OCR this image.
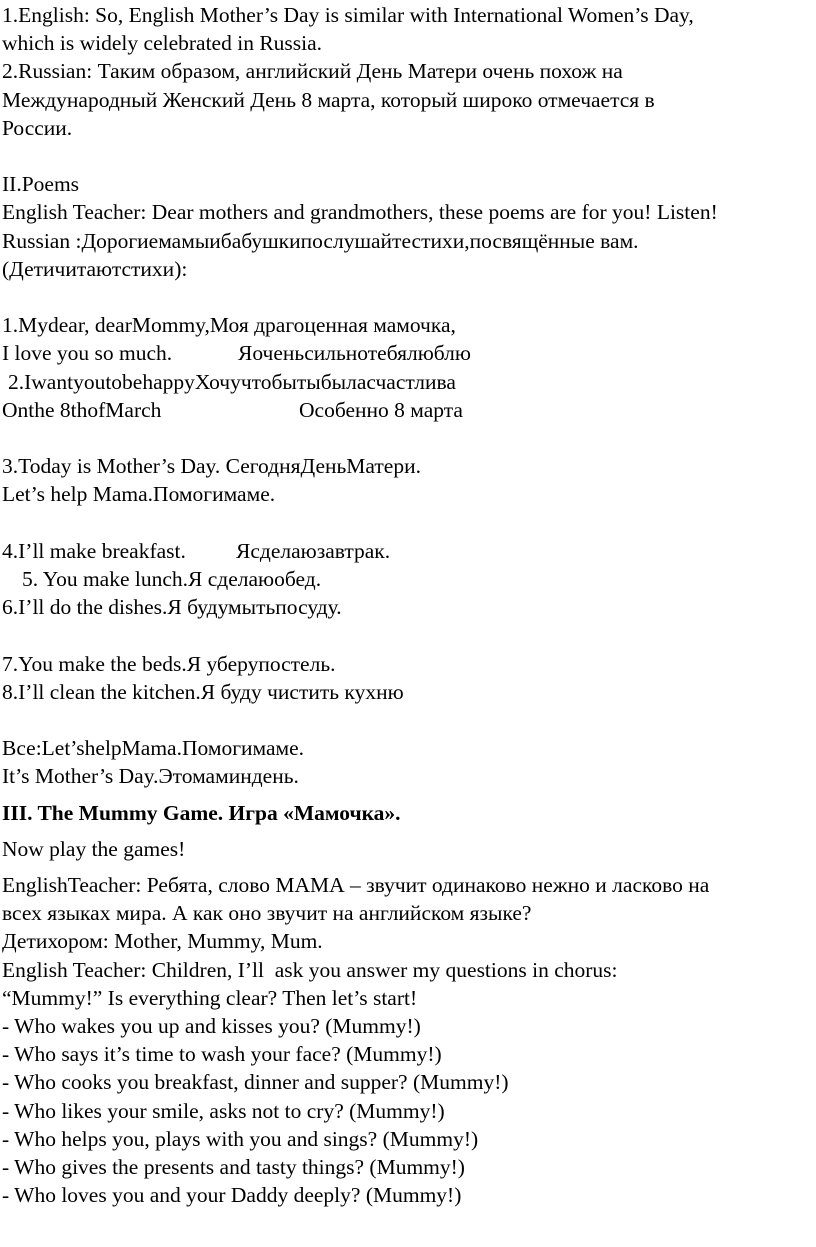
1.English: So, English Mother’s Day is similar with International Women’s Day,
which is widely celebrated in Russia.
2.Russian: Таким образом, английский День Матери очень похож на
Международный Женский День 8 марта, который широко отмечается в
России.
II.Poems
English Teacher: Dear mothers and grandmothers, these poems are for you! Listen!
Russian :Дорогиемамыибабушкипослушайтестихи,посвящённые вам.
(Детичитаютстихи):
1.Mydear, dearMommy,Моя драгоценная мамочка,
I love you so much.	Яоченьсильнотебялюблю
2.IwantyoutobehappyХочучтобытыбыласчастлива
Onthe 8thofMarch	Особенно 8 марта
3.Today is Mother’s Day. СегодняДеньМатери.
Let’s help Mama.Помогимаме.
4.I’ll make breakfast. Ясделаюзавтрак.
5. You make lunch.Я сделаюобед.
6.I’ll do the dishes.Я будумытьпосуду.
7.You make the beds.Я уберупостель.
8.I’ll clean the kitchen.Я буду чистить кухню
Все:Let’shelpMama.Помогимаме.
It’s Mother’s Day.Этомаминдень.
III. The Mummy Game. Игра «Мамочка».
Now play the games!
EnglishTeacher: Ребята, слово МАМА – звучит одинаково нежно и ласково на
всех языках мира. А как оно звучит на английском языке?
Детихором: Mother, Mummy, Mum.
English Teacher: Children, I’ll  ask you answer my questions in chorus:
“Mummy!” Is everything clear? Then let’s start!
- Who wakes you up and kisses you? (Mummy!)
- Who says it’s time to wash your face? (Mummy!)
- Who cooks you breakfast, dinner and supper? (Mummy!)
- Who likes your smile, asks not to cry? (Mummy!)
- Who helps you, plays with you and sings? (Mummy!)
- Who gives the presents and tasty things? (Mummy!)
- Who loves you and your Daddy deeply? (Mummy!)
